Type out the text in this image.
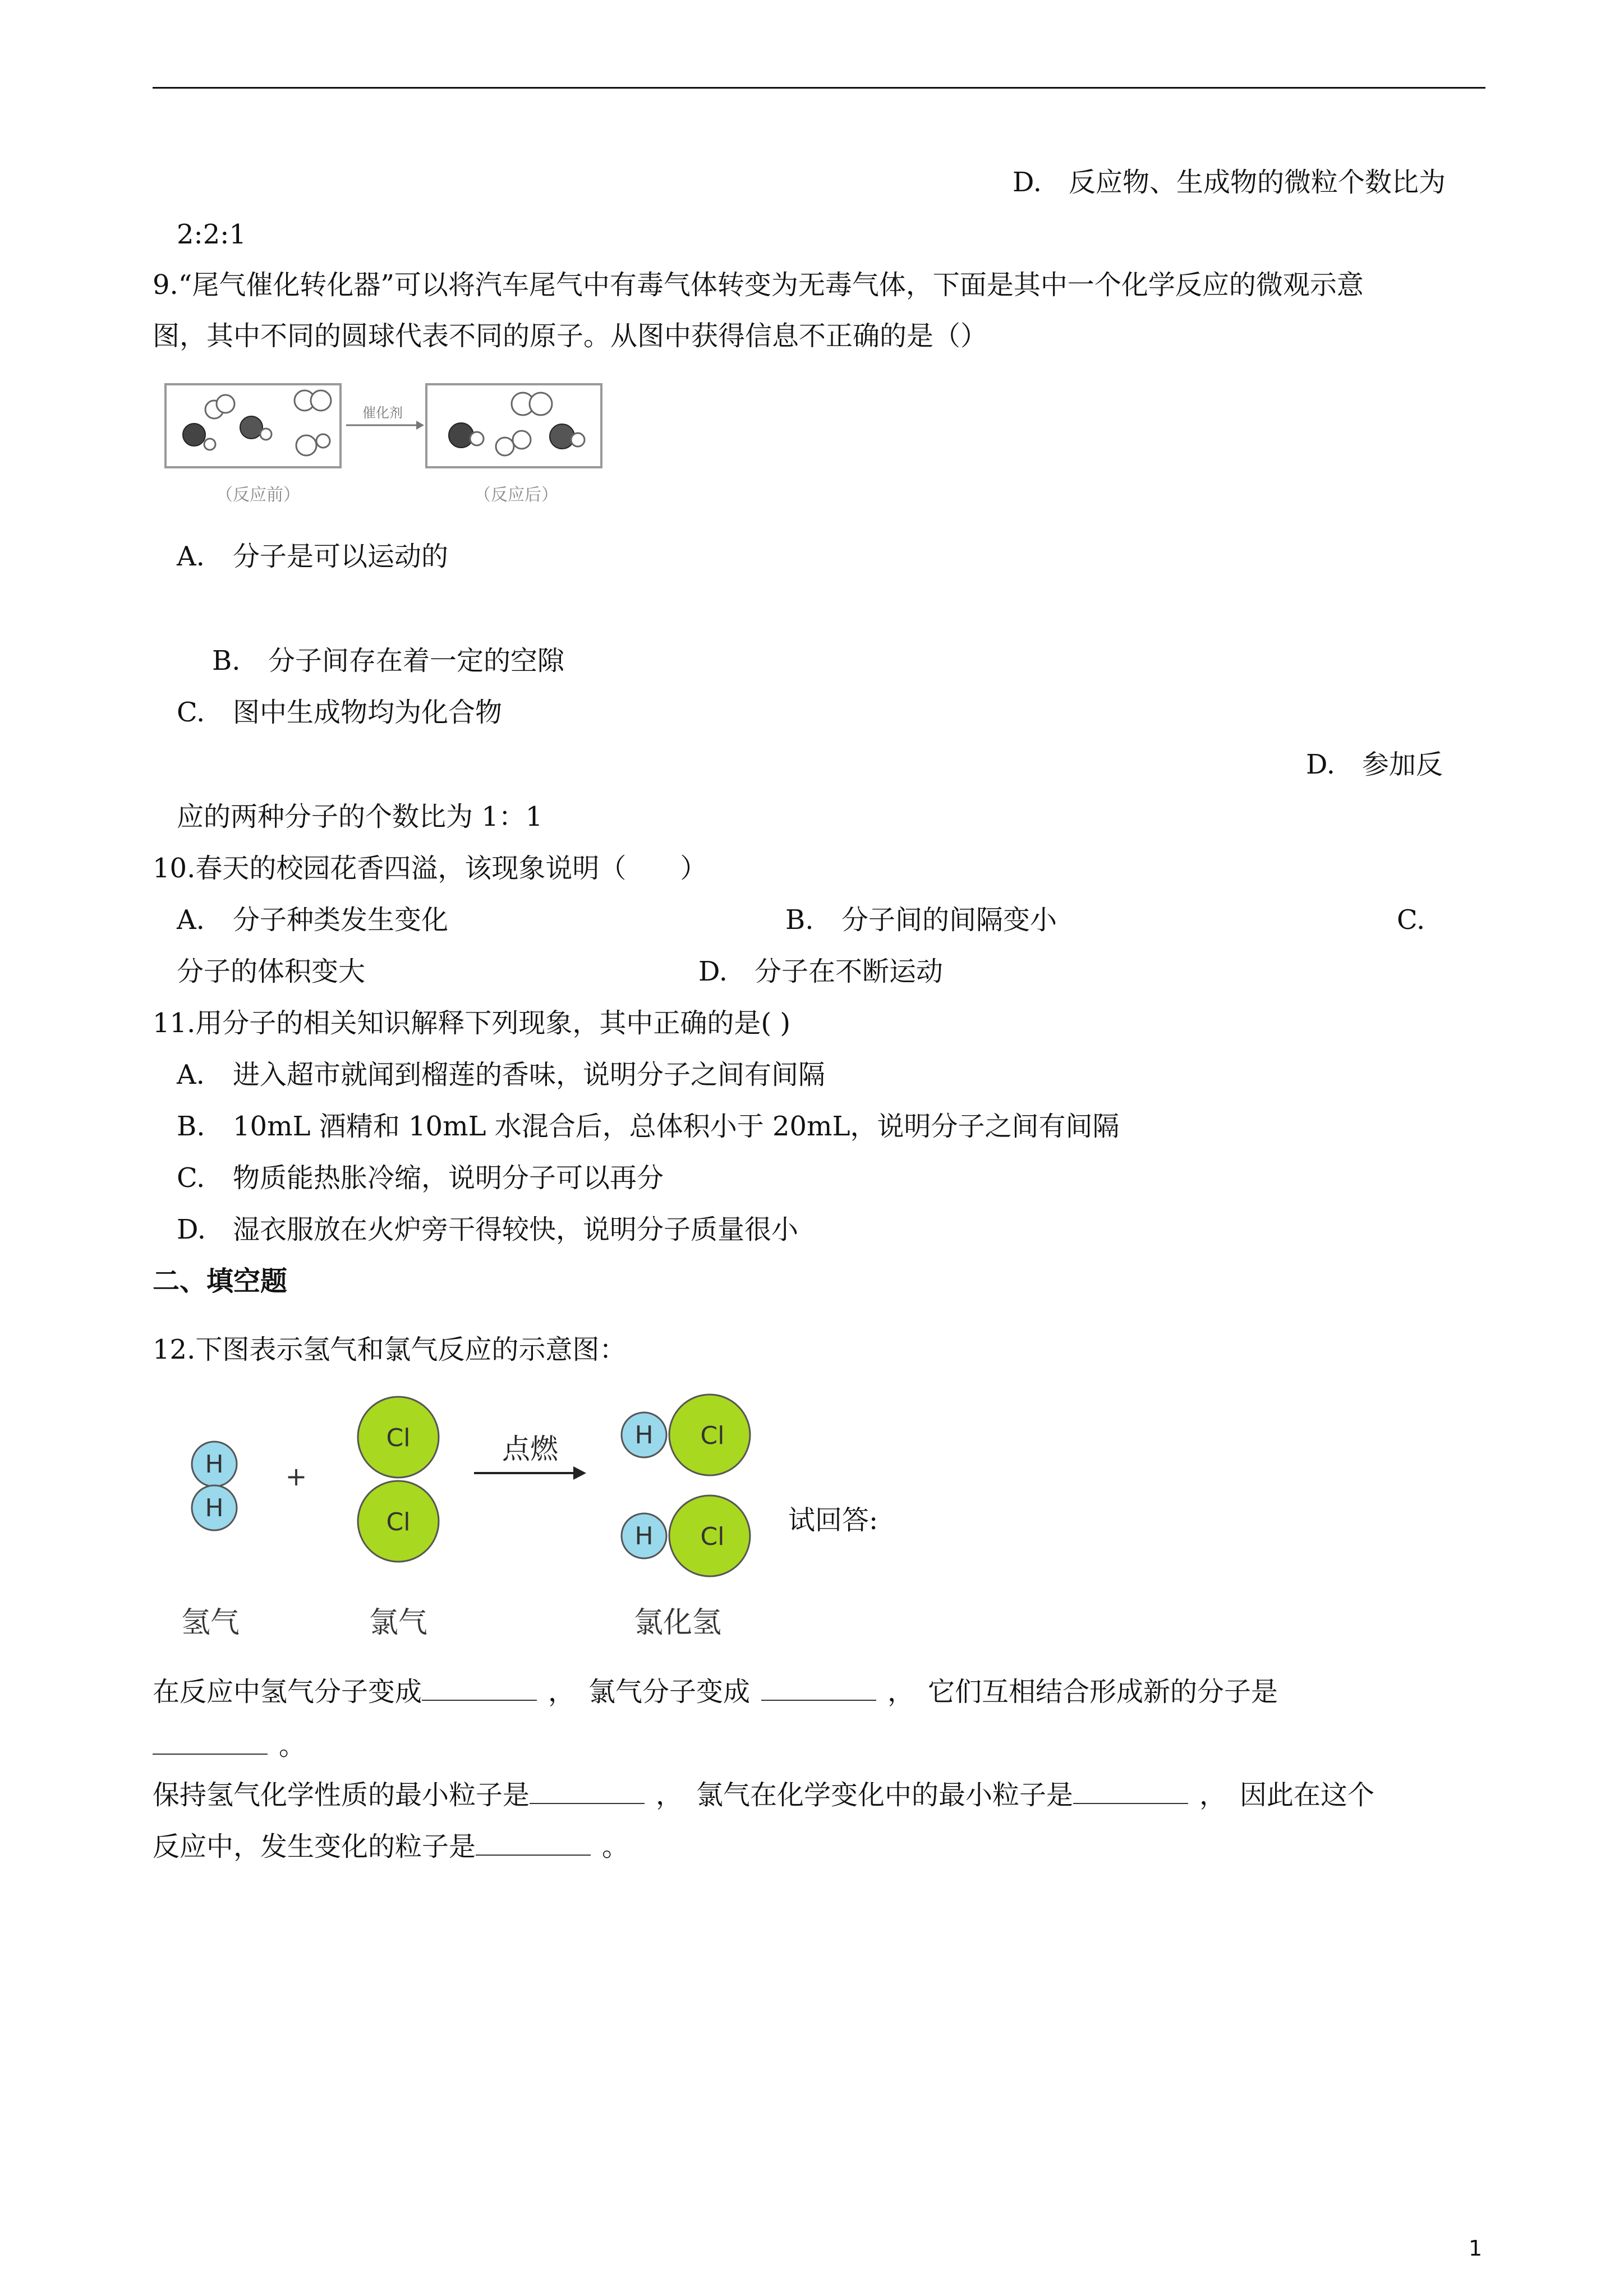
D. 反应物、生成物的微粒个数比为
2:2:1
9.“尾气催化转化器”可以将汽车尾气中有毒气体转变为无毒气体，下面是其中一个化学反应的微观示意
图，其中不同的圆球代表不同的原子。从图中获得信息不正确的是（）
催化剂
（反应前）	（反应后）
A. 分子是可以运动的
B. 分子间存在着一定的空隙
C. 图中生成物均为化合物
D. 参加反
应的两种分子的个数比为 1：1
10.春天的校园花香四溢，该现象说明（　　）
A. 分子种类发生变化	B. 分子间的间隔变小	C.
分子的体积变大	D. 分子在不断运动
11.用分子的相关知识解释下列现象，其中正确的是( )
A. 进入超市就闻到榴莲的香味，说明分子之间有间隔
B. 10mL 酒精和 10mL 水混合后，总体积小于 20mL，说明分子之间有间隔
C. 物质能热胀冷缩，说明分子可以再分
D. 湿衣服放在火炉旁干得较快，说明分子质量很小
二、填空题
12.下图表示氢气和氯气反应的示意图：
H
H
+
Cl
Cl
点燃	H Cl
H Cl
氢气	氯气	氯化氢
试回答:
在反应中氢气分子变成	，　氯气分子变成	，　它们互相结合形成新的分子是
。
保持氢气化学性质的最小粒子是	，　氯气在化学变化中的最小粒子是	，　因此在这个
反应中，发生变化的粒子是	。
1
